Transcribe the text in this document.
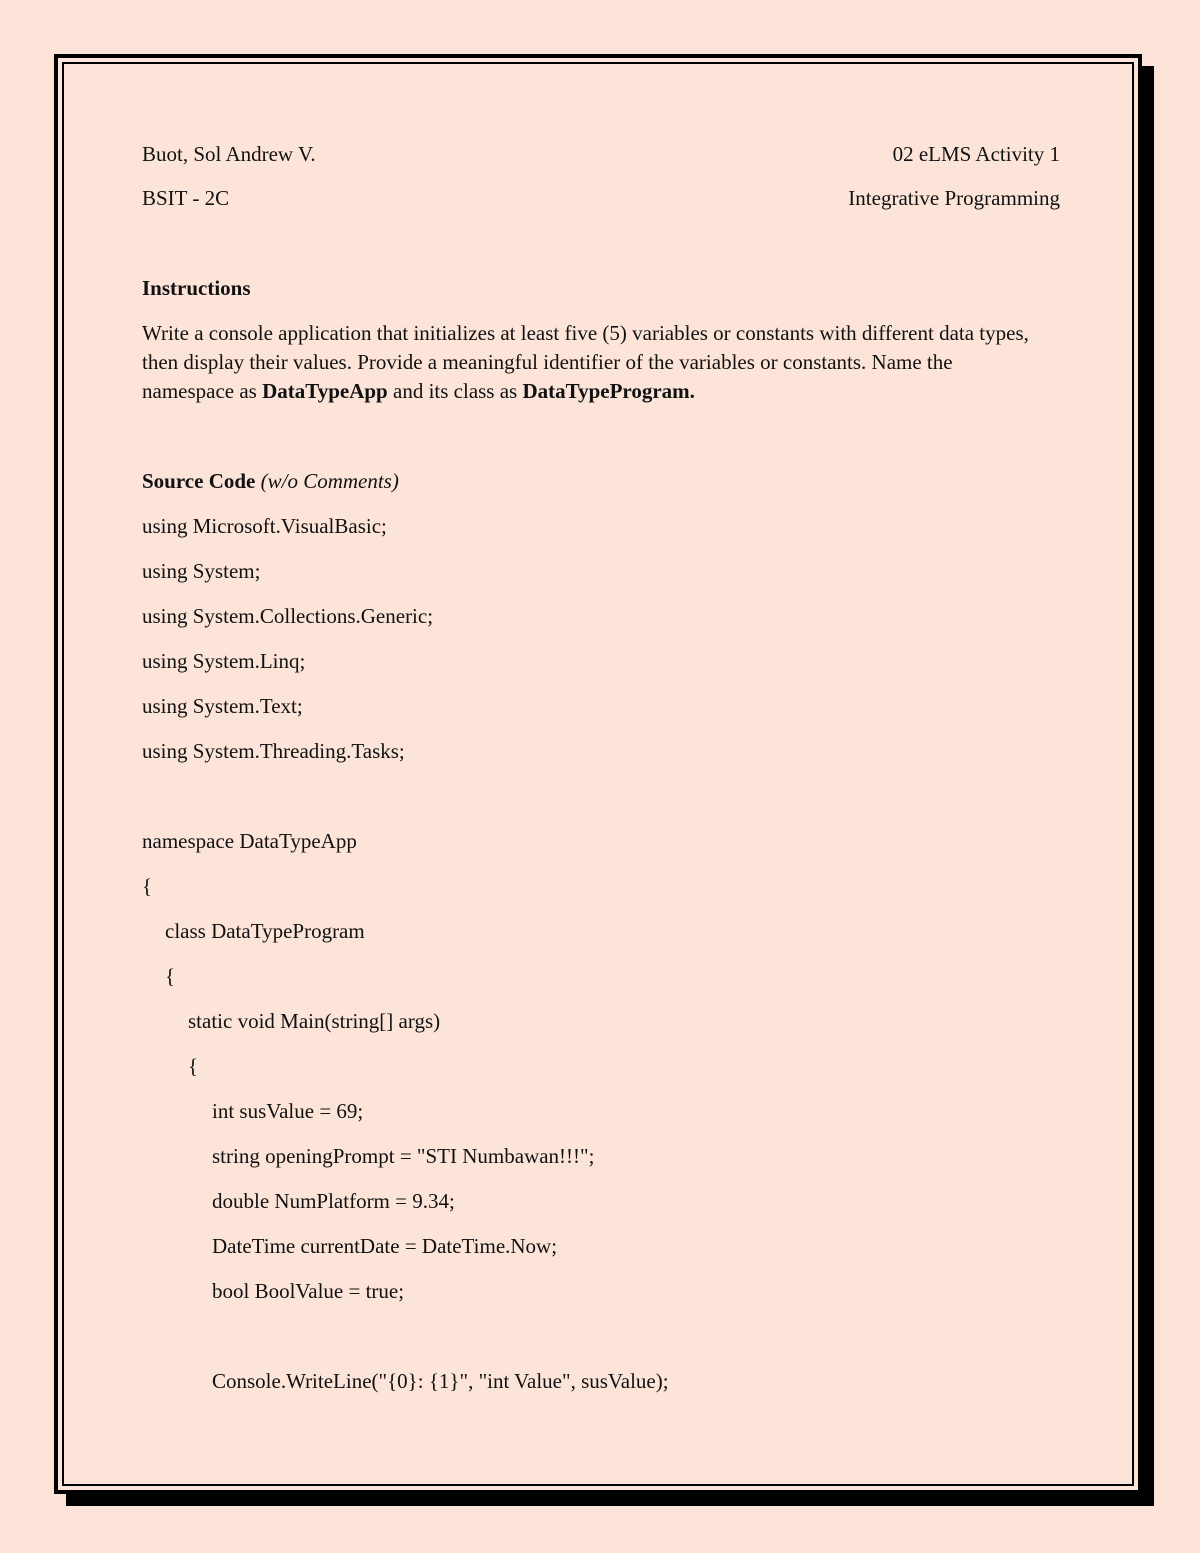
Buot, Sol Andrew V.	02 eLMS Activity 1
BSIT - 2C	Integrative Programming
Instructions
Write a console application that initializes at least five (5) variables or constants with different data types, then display their values. Provide a meaningful identifier of the variables or constants. Name the namespace as DataTypeApp and its class as DataTypeProgram.
Source Code (w/o Comments)
using Microsoft.VisualBasic;
using System;
using System.Collections.Generic;
using System.Linq;
using System.Text;
using System.Threading.Tasks;
namespace DataTypeApp
{
class DataTypeProgram
{
static void Main(string[] args)
{
int susValue = 69;
string openingPrompt = "STI Numbawan!!!";
double NumPlatform = 9.34;
DateTime currentDate = DateTime.Now;
bool BoolValue = true;
Console.WriteLine("{0}: {1}", "int Value", susValue);
